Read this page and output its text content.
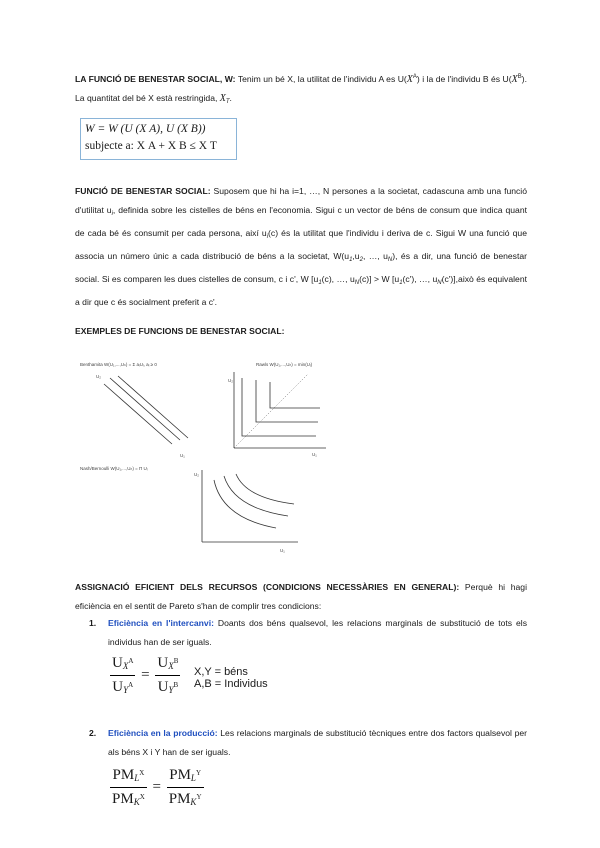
LA FUNCIÓ DE BENESTAR SOCIAL, W: Tenim un bé X, la utilitat de l'individu A es $U(X^A)$ i la de l'individu B és $U(X^B)$. La quantitat del bé X està restringida, $X_T$.
W = W (U (X A), U (X B))
subjecte a: X A + X B ≤ X T
FUNCIÓ DE BENESTAR SOCIAL: Suposem que hi ha i=1, …, N persones a la societat, cadascuna amb una funció d'utilitat $u_i$, definida sobre les cistelles de béns en l'economia. Sigui c un vector de béns de consum que indica quant de cada bé és consumit per cada persona, així $u_i(c)$ és la utilitat que l'individu i deriva de c. Sigui W una funció que associa un número únic a cada distribució de béns a la societat, $W(u_1,u_2$, …, $u_N$), és a dir, una funció de benestar social. Si es comparen les dues cistelles de consum, c i c', W [$u_1(c)$, …, $u_N(c)] > W$ [$u_1(c')$, …, $u_N(c')],això$ és equivalent a dir que c és socialment preferit a c'.
EXEMPLES DE FUNCIONS DE BENESTAR SOCIAL:
Benthamita W(U₁,...,Uₙ) = Σ aᵢUᵢ, aᵢ ≥ 0
U₂
U₁
Rawls W(U₁,...,Uₙ) = min(Uᵢ)
U₂
U₁
Nash/Bernoulli W(U₁,...,Uₙ) = Π Uᵢ
U₂
U₁
ASSIGNACIÓ EFICIENT DELS RECURSOS (CONDICIONS NECESSÀRIES EN GENERAL): Perquè hi hagi eficiència en el sentit de Pareto s'han de complir tres condicions:
1. Eficiència en l'intercanvi: Doants dos béns qualsevol, les relacions marginals de substitució de tots els individus han de ser iguals.
$\frac{U_X^A}{U_Y^A} = \frac{U_X^B}{U_Y^B} X,Y$ = béns
A,B = Individus
2. Eficiència en la producció: Les relacions marginals de substitució tècniques entre dos factors qualsevol per als béns X i Y han de ser iguals.
$\frac{PM_L^X}{PM_K^X} = \frac{PM_L^Y}{PM_K^Y}$
